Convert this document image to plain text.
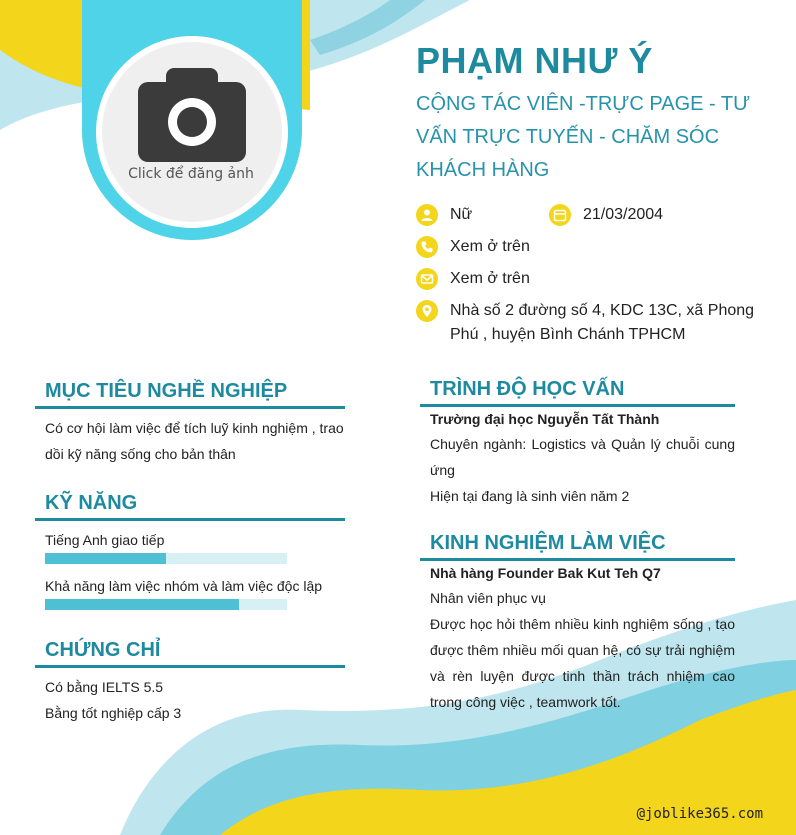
Click để đăng ảnh
PHẠM NHƯ Ý
CỘNG TÁC VIÊN -TRỰC PAGE - TƯ VẤN TRỰC TUYẾN - CHĂM SÓC KHÁCH HÀNG
Nữ	21/03/2004
Xem ở trên
Xem ở trên
Nhà số 2 đường số 4, KDC 13C, xã Phong Phú , huyện Bình Chánh TPHCM
MỤC TIÊU NGHỀ NGHIỆP
Có cơ hội làm việc để tích luỹ kinh nghiệm , trao dồi kỹ năng sống cho bản thân
KỸ NĂNG
Tiếng Anh giao tiếp
Khả năng làm việc nhóm và làm việc độc lập
CHỨNG CHỈ
Có bằng IELTS 5.5
Bằng tốt nghiệp cấp 3
TRÌNH ĐỘ HỌC VẤN
Trường đại học Nguyễn Tất Thành
Chuyên ngành: Logistics và Quản lý chuỗi cung ứng
Hiện tại đang là sinh viên năm 2
KINH NGHIỆM LÀM VIỆC
Nhà hàng Founder Bak Kut Teh Q7
Nhân viên phục vụ
Được học hỏi thêm nhiều kinh nghiệm sống , tạo được thêm nhiều mối quan hệ, có sự trải nghiệm và rèn luyện được tinh thần trách nhiệm cao trong công việc , teamwork tốt.
@joblike365.com
